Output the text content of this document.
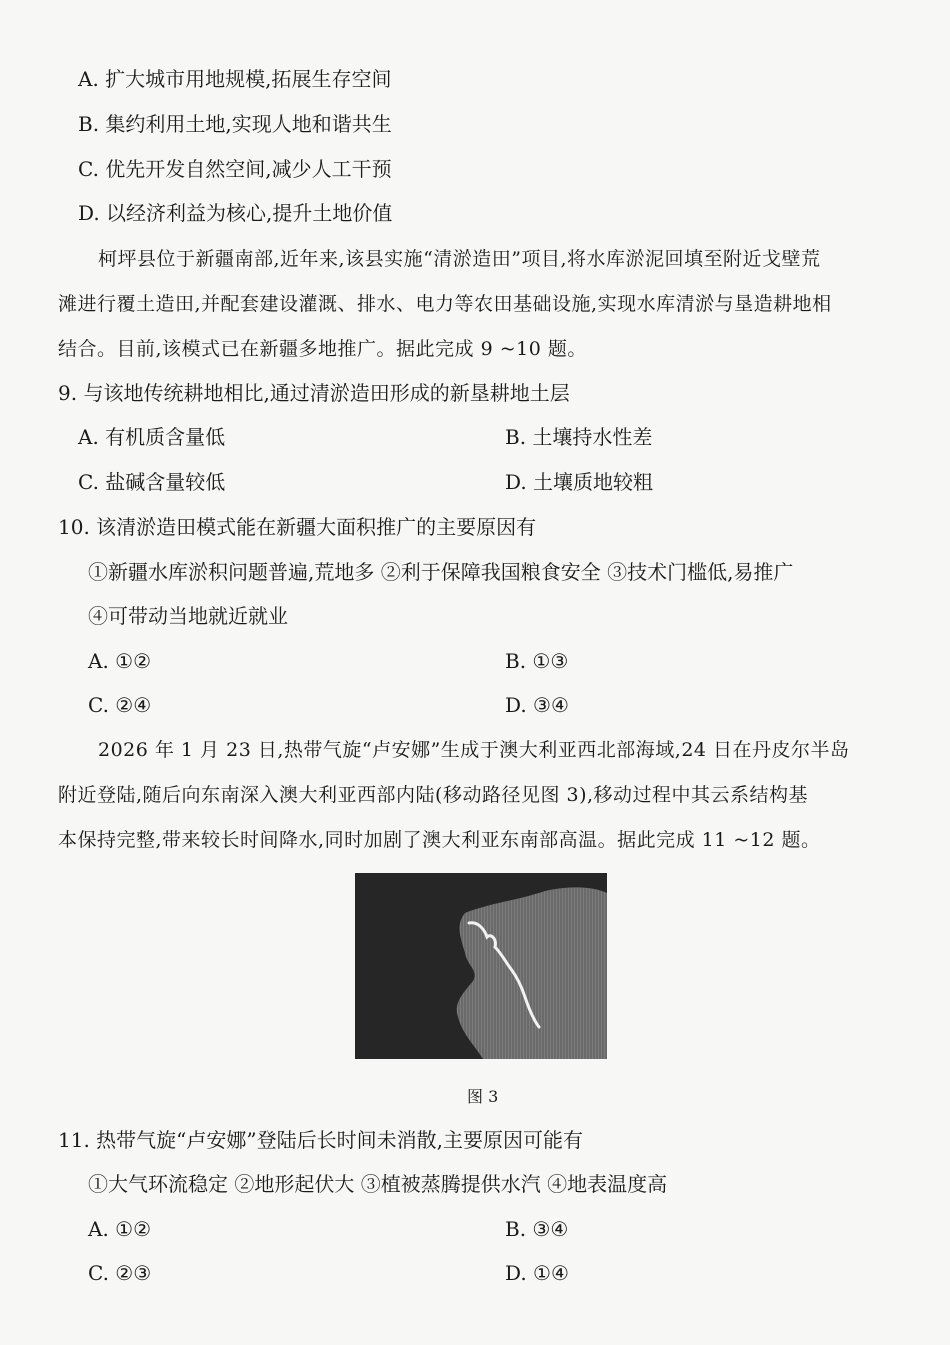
A. 扩大城市用地规模,拓展生存空间
B. 集约利用土地,实现人地和谐共生
C. 优先开发自然空间,减少人工干预
D. 以经济利益为核心,提升土地价值
柯坪县位于新疆南部,近年来,该县实施“清淤造田”项目,将水库淤泥回填至附近戈壁荒
滩进行覆土造田,并配套建设灌溉、排水、电力等农田基础设施,实现水库清淤与垦造耕地相
结合。目前,该模式已在新疆多地推广。据此完成 9 ~10 题。
9. 与该地传统耕地相比,通过清淤造田形成的新垦耕地土层
A. 有机质含量低	B. 土壤持水性差
C. 盐碱含量较低	D. 土壤质地较粗
10. 该清淤造田模式能在新疆大面积推广的主要原因有
①新疆水库淤积问题普遍,荒地多 ②利于保障我国粮食安全 ③技术门槛低,易推广
④可带动当地就近就业
A. ①②	B. ①③
C. ②④	D. ③④
2026 年 1 月 23 日,热带气旋“卢安娜”生成于澳大利亚西北部海域,24 日在丹皮尔半岛
附近登陆,随后向东南深入澳大利亚西部内陆(移动路径见图 3),移动过程中其云系结构基
本保持完整,带来较长时间降水,同时加剧了澳大利亚东南部高温。据此完成 11 ~12 题。
图 3
11. 热带气旋“卢安娜”登陆后长时间未消散,主要原因可能有
①大气环流稳定 ②地形起伏大 ③植被蒸腾提供水汽 ④地表温度高
A. ①②	B. ③④
C. ②③	D. ①④
